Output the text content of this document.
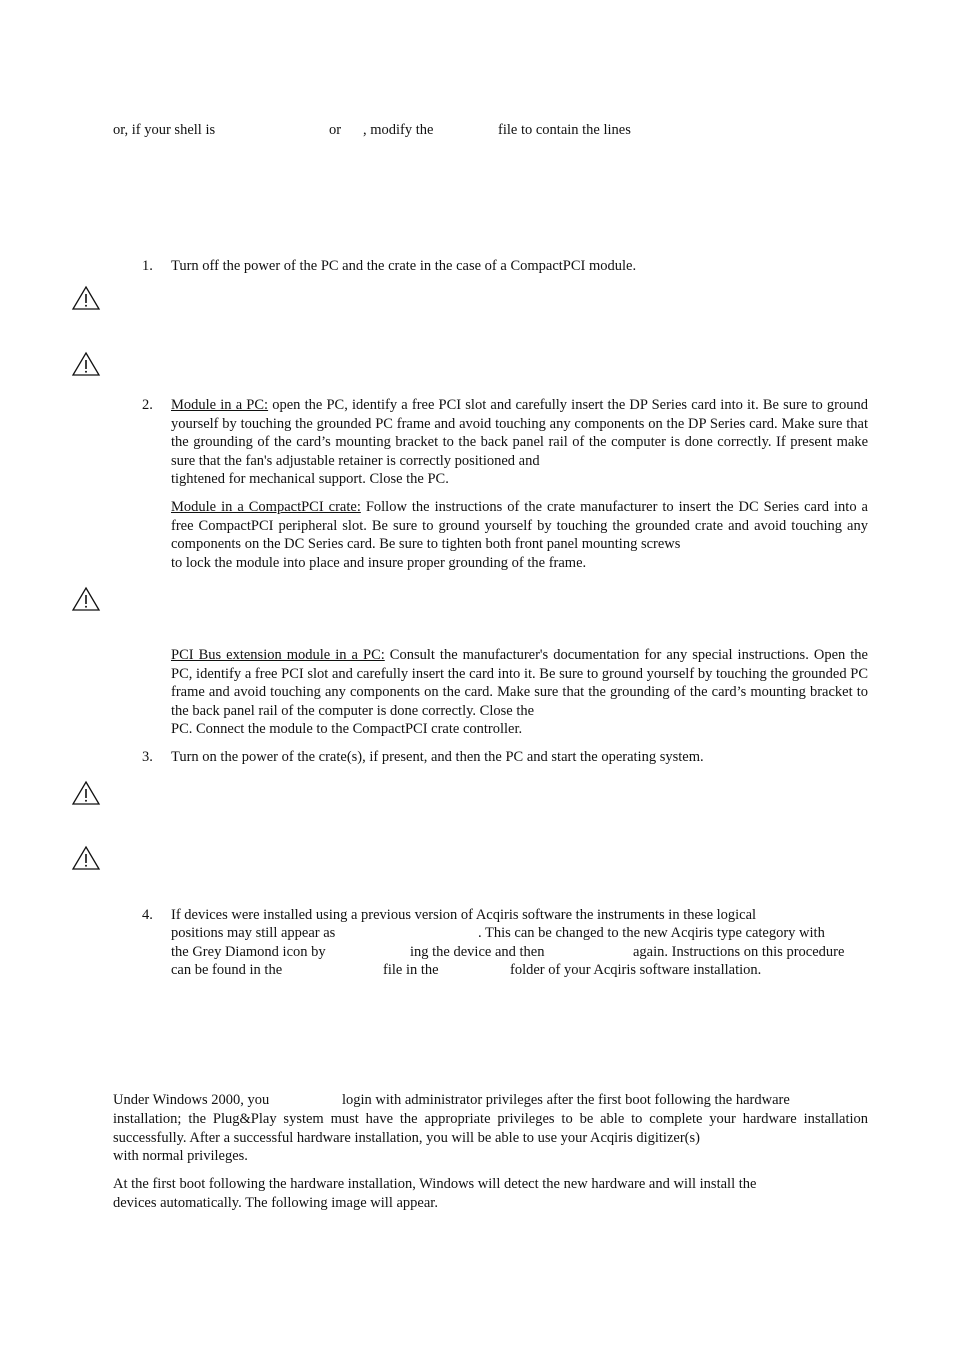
or, if your shell is	or , modify the	file to contain the lines
1. Turn off the power of the PC and the crate in the case of a CompactPCI module.
2. Module in a PC: open the PC, identify a free PCI slot and carefully insert the DP Series card into it. Be sure to ground yourself by touching the grounded PC frame and avoid touching any components on the DP Series card. Make sure that the grounding of the card’s mounting bracket to the back panel rail of the computer is done correctly. If present make sure that the fan's adjustable retainer is correctly positioned and
tightened for mechanical support. Close the PC.
Module in a CompactPCI crate: Follow the instructions of the crate manufacturer to insert the DC Series card into a free CompactPCI peripheral slot. Be sure to ground yourself by touching the grounded crate and avoid touching any components on the DC Series card. Be sure to tighten both front panel mounting screws
to lock the module into place and insure proper grounding of the frame.
PCI Bus extension module in a PC: Consult the manufacturer's documentation for any special instructions. Open the PC, identify a free PCI slot and carefully insert the card into it. Be sure to ground yourself by touching the grounded PC frame and avoid touching any components on the card. Make sure that the grounding of the card’s mounting bracket to the back panel rail of the computer is done correctly. Close the
PC. Connect the module to the CompactPCI crate controller.
3. Turn on the power of the crate(s), if present, and then the PC and start the operating system.
4. If devices were installed using a previous version of Acqiris software the instruments in these logical
positions may still appear as	. This can be changed to the new Acqiris type category with
the Grey Diamond icon by	ing the device and then	again. Instructions on this procedure
can be found in the	file in the	folder of your Acqiris software installation.
Under Windows 2000, you	login with administrator privileges after the first boot following the hardware
installation; the Plug&Play system must have the appropriate privileges to be able to complete your hardware installation successfully. After a successful hardware installation, you will be able to use your Acqiris digitizer(s)
with normal privileges.
At the first boot following the hardware installation, Windows will detect the new hardware and will install the
devices automatically. The following image will appear.
